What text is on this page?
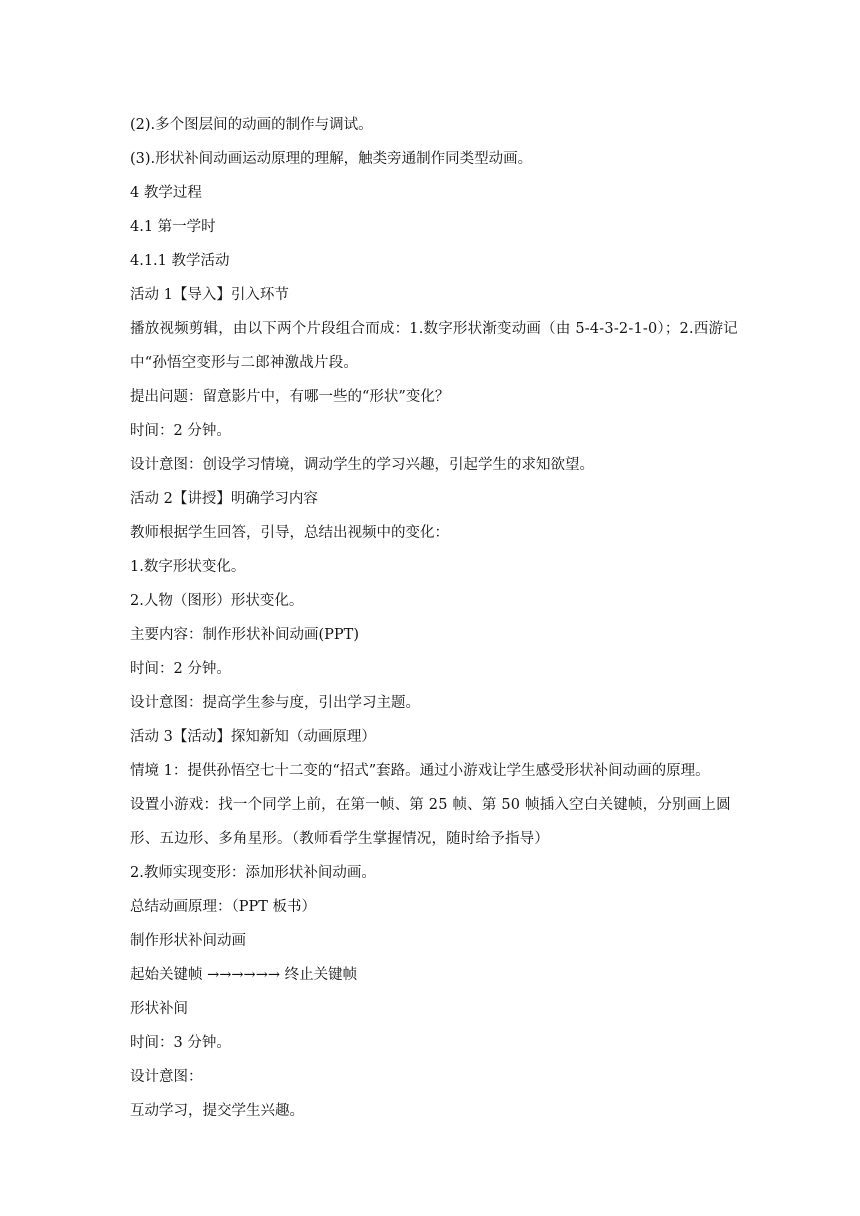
(2).多个图层间的动画的制作与调试。
(3).形状补间动画运动原理的理解，触类旁通制作同类型动画。
4 教学过程
4.1 第一学时
4.1.1 教学活动
活动 1【导入】引入环节
播放视频剪辑，由以下两个片段组合而成：1.数字形状渐变动画（由 5-4-3-2-1-0）；2.西游记中“孙悟空变形与二郎神激战片段。
提出问题：留意影片中，有哪一些的“形状”变化？
时间：2 分钟。
设计意图：创设学习情境，调动学生的学习兴趣，引起学生的求知欲望。
活动 2【讲授】明确学习内容
教师根据学生回答，引导，总结出视频中的变化：
1.数字形状变化。
2.人物（图形）形状变化。
主要内容：制作形状补间动画(PPT)
时间：2 分钟。
设计意图：提高学生参与度，引出学习主题。
活动 3【活动】探知新知（动画原理）
情境 1：提供孙悟空七十二变的“招式”套路。通过小游戏让学生感受形状补间动画的原理。
设置小游戏：找一个同学上前，在第一帧、第 25 帧、第 50 帧插入空白关键帧，分别画上圆形、五边形、多角星形。（教师看学生掌握情况，随时给予指导）
2.教师实现变形：添加形状补间动画。
总结动画原理：（PPT 板书）
制作形状补间动画
起始关键帧 →→→→→→ 终止关键帧
形状补间
时间：3 分钟。
设计意图：
互动学习，提交学生兴趣。
